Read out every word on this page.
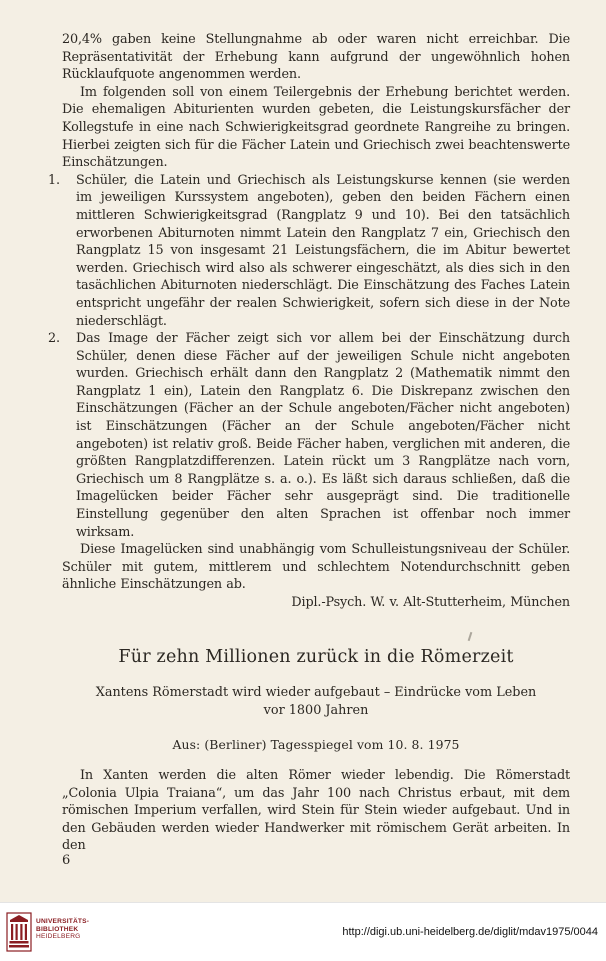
20,4% gaben keine Stellungnahme ab oder waren nicht erreichbar. Die Repräsentativität der Erhebung kann aufgrund der ungewöhnlich hohen Rücklaufquote angenommen werden.

Im folgenden soll von einem Teilergebnis der Erhebung berichtet werden. Die ehemaligen Abiturienten wurden gebeten, die Leistungskursfächer der Kollegstufe in eine nach Schwierigkeitsgrad geordnete Rangreihe zu bringen. Hierbei zeigten sich für die Fächer Latein und Griechisch zwei beachtenswerte Einschätzungen.

1. Schüler, die Latein und Griechisch als Leistungskurse kennen (sie werden im jeweiligen Kurssystem angeboten), geben den beiden Fächern einen mittleren Schwierigkeitsgrad (Rangplatz 9 und 10). Bei den tatsächlich erworbenen Abiturnoten nimmt Latein den Rangplatz 7 ein, Griechisch den Rangplatz 15 von insgesamt 21 Leistungsfächern, die im Abitur bewertet werden. Griechisch wird also als schwerer eingeschätzt, als dies sich in den tasächlichen Abiturnoten niederschlägt. Die Einschätzung des Faches Latein entspricht ungefähr der realen Schwierigkeit, sofern sich diese in der Note niederschlägt.

2. Das Image der Fächer zeigt sich vor allem bei der Einschätzung durch Schüler, denen diese Fächer auf der jeweiligen Schule nicht angeboten wurden. Griechisch erhält dann den Rangplatz 2 (Mathematik nimmt den Rangplatz 1 ein), Latein den Rangplatz 6. Die Diskrepanz zwischen den Einschätzungen (Fächer an der Schule angeboten/Fächer nicht angeboten) ist Einschätzungen (Fächer an der Schule angeboten/Fächer nicht angeboten) ist relativ groß. Beide Fächer haben, verglichen mit anderen, die größten Rangplatzdifferenzen. Latein rückt um 3 Rangplätze nach vorn, Griechisch um 8 Rangplätze s. a. o.). Es läßt sich daraus schließen, daß die Imagelücken beider Fächer sehr ausgeprägt sind. Die traditionelle Einstellung gegenüber den alten Sprachen ist offenbar noch immer wirksam.

Diese Imagelücken sind unabhängig vom Schulleistungsniveau der Schüler. Schüler mit gutem, mittlerem und schlechtem Notendurchschnitt geben ähnliche Einschätzungen ab.

Dipl.-Psych. W. v. Alt-Stutterheim, München

Für zehn Millionen zurück in die Römerzeit
Xantens Römerstadt wird wieder aufgebaut – Eindrücke vom Leben
vor 1800 Jahren
Aus: (Berliner) Tagesspiegel vom 10. 8. 1975

In Xanten werden die alten Römer wieder lebendig. Die Römerstadt „Colonia Ulpia Traiana“, um das Jahr 100 nach Christus erbaut, mit dem römischen Imperium verfallen, wird Stein für Stein wieder aufgebaut. Und in den Gebäuden werden wieder Handwerker mit römischem Gerät arbeiten. In den

6
UNIVERSITÄTS-
BIBLIOTHEK
HEIDELBERG	http://digi.ub.uni-heidelberg.de/diglit/mdav1975/0044
